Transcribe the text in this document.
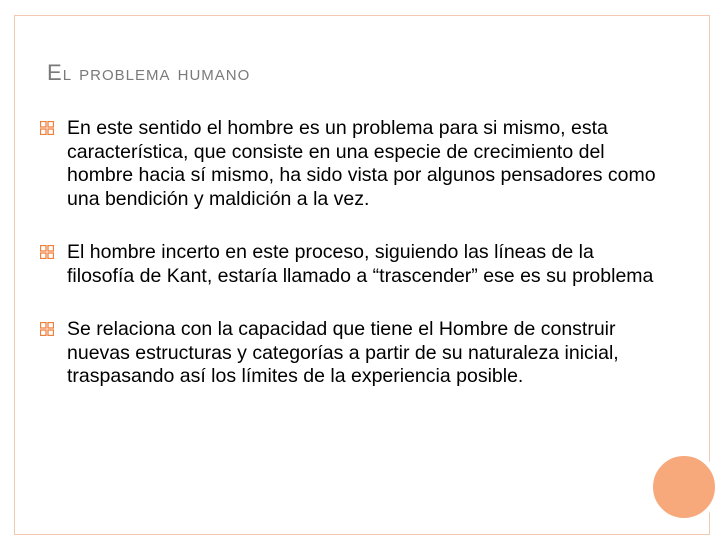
El problema humano

En este sentido el hombre es un problema para si mismo, esta característica, que consiste en una especie de crecimiento del hombre hacia sí mismo, ha sido vista por algunos pensadores como una bendición y maldición a la vez.

El hombre incerto en este proceso, siguiendo las líneas de la filosofía de Kant, estaría llamado a “trascender” ese es su problema

Se relaciona con la capacidad que tiene el Hombre de construir nuevas estructuras y categorías a partir de su naturaleza inicial, traspasando así los límites de la experiencia posible.
